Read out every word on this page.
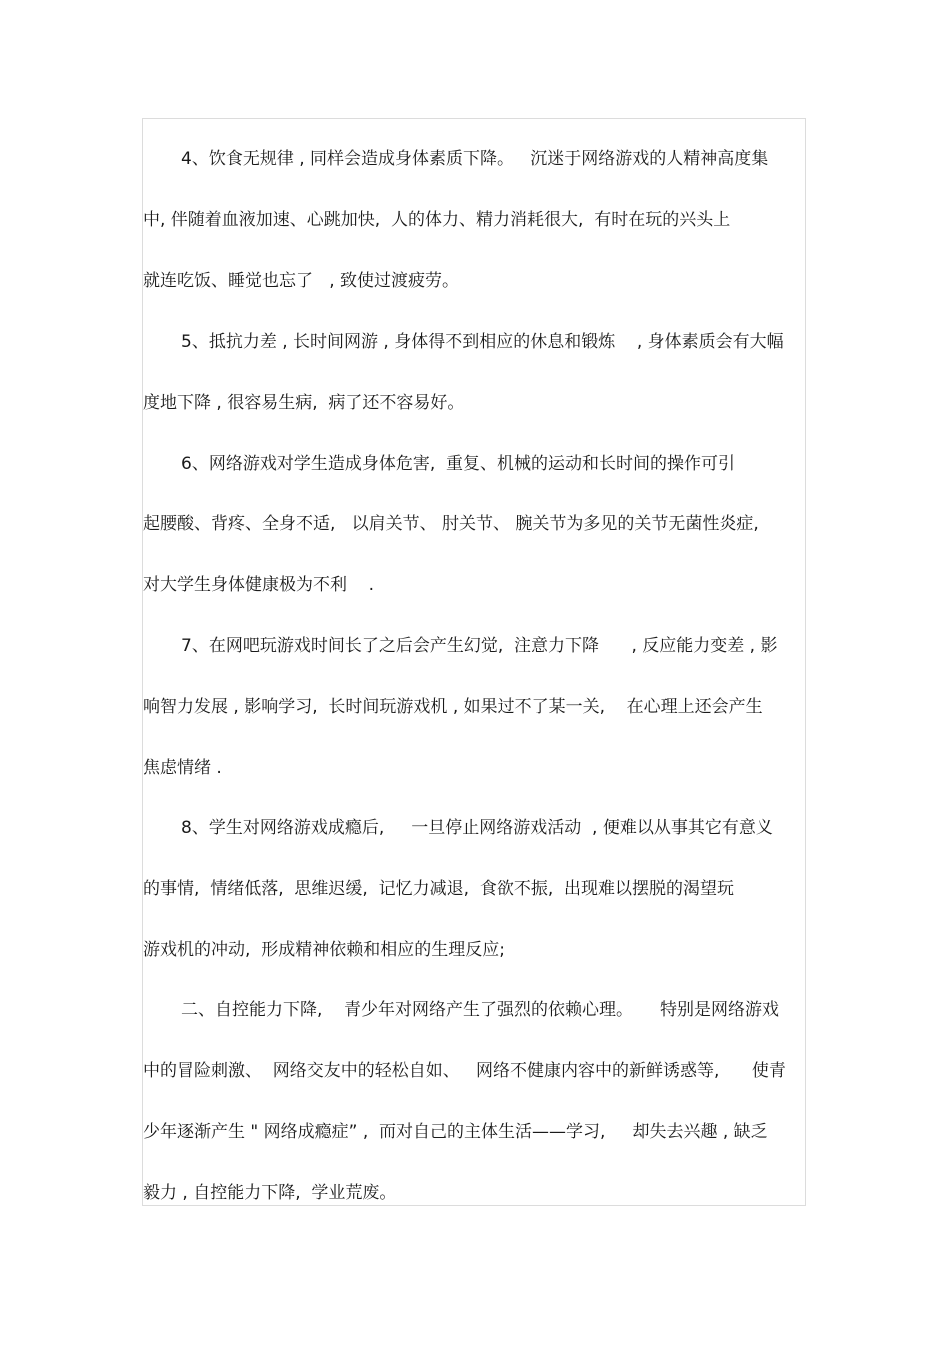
4、饮食无规律 , 同样会造成身体素质下降。   沉迷于网络游戏的人精神高度集
中, 伴随着血液加速、心跳加快,  人的体力、精力消耗很大,  有时在玩的兴头上
就连吃饭、睡觉也忘了   , 致使过渡疲劳。
5、抵抗力差 , 长时间网游 , 身体得不到相应的休息和锻炼    , 身体素质会有大幅
度地下降 , 很容易生病,  病了还不容易好。
6、网络游戏对学生造成身体危害,  重复、机械的运动和长时间的操作可引
起腰酸、背疼、全身不适,   以肩关节、 肘关节、 腕关节为多见的关节无菌性炎症,
对大学生身体健康极为不利    .
7、在网吧玩游戏时间长了之后会产生幻觉,  注意力下降      , 反应能力变差 , 影
响智力发展 , 影响学习,  长时间玩游戏机 , 如果过不了某一关,    在心理上还会产生
焦虑情绪 .
8、学生对网络游戏成瘾后,     一旦停止网络游戏活动  , 便难以从事其它有意义
的事情,  情绪低落,  思维迟缓,  记忆力减退,  食欲不振,  出现难以摆脱的渴望玩
游戏机的冲动,  形成精神依赖和相应的生理反应;
二、自控能力下降,    青少年对网络产生了强烈的依赖心理。     特别是网络游戏
中的冒险刺激、  网络交友中的轻松自如、   网络不健康内容中的新鲜诱惑等,      使青
少年逐渐产生 " 网络成瘾症” ,  而对自己的主体生活——学习,     却失去兴趣 , 缺乏
毅力 , 自控能力下降,  学业荒废。
